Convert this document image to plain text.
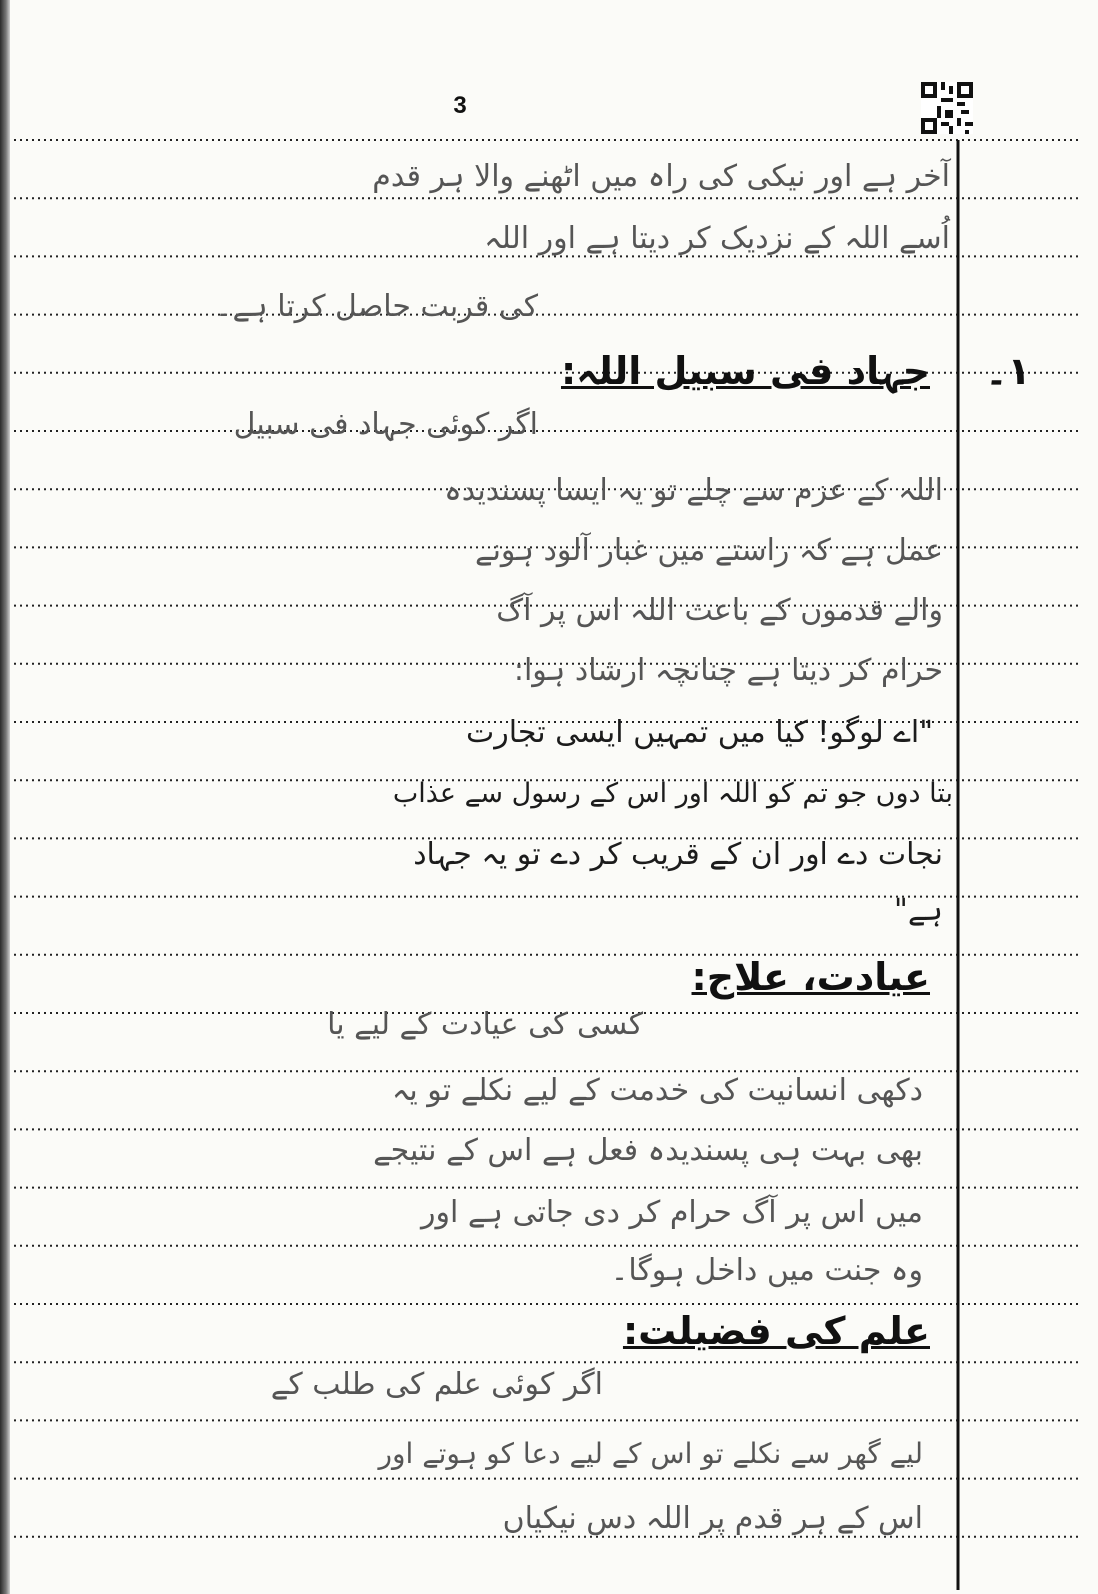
3
آخر ہے اور نیکی کی راہ میں اٹھنے والا ہر قدم
اُسے اللہ کے نزدیک کر دیتا ہے اور اللہ
کی قربت حاصل کرتا ہے۔
١۔
جہاد فی سبیل اللہ:
اگر کوئی جہاد فی سبیل
اللہ کے عزم سے چلے تو یہ ایسا پسندیدہ
عمل ہے کہ راستے میں غبار آلود ہونے
والے قدموں کے باعث اللہ اس پر آگ
حرام کر دیتا ہے چنانچہ ارشاد ہوا:
"اے لوگو! کیا میں تمہیں ایسی تجارت
بتا دوں جو تم کو اللہ اور اس کے رسول سے عذاب
نجات دے اور ان کے قریب کر دے تو یہ جہاد
ہے"
عیادت، علاج:
کسی کی عیادت کے لیے یا
دکھی انسانیت کی خدمت کے لیے نکلے تو یہ
بھی بہت ہی پسندیدہ فعل ہے اس کے نتیجے
میں اس پر آگ حرام کر دی جاتی ہے اور
وہ جنت میں داخل ہوگا۔
علم کی فضیلت:
اگر کوئی علم کی طلب کے
لیے گھر سے نکلے تو اس کے لیے دعا کو ہوتے اور
اس کے ہر قدم پر اللہ دس نیکیاں
